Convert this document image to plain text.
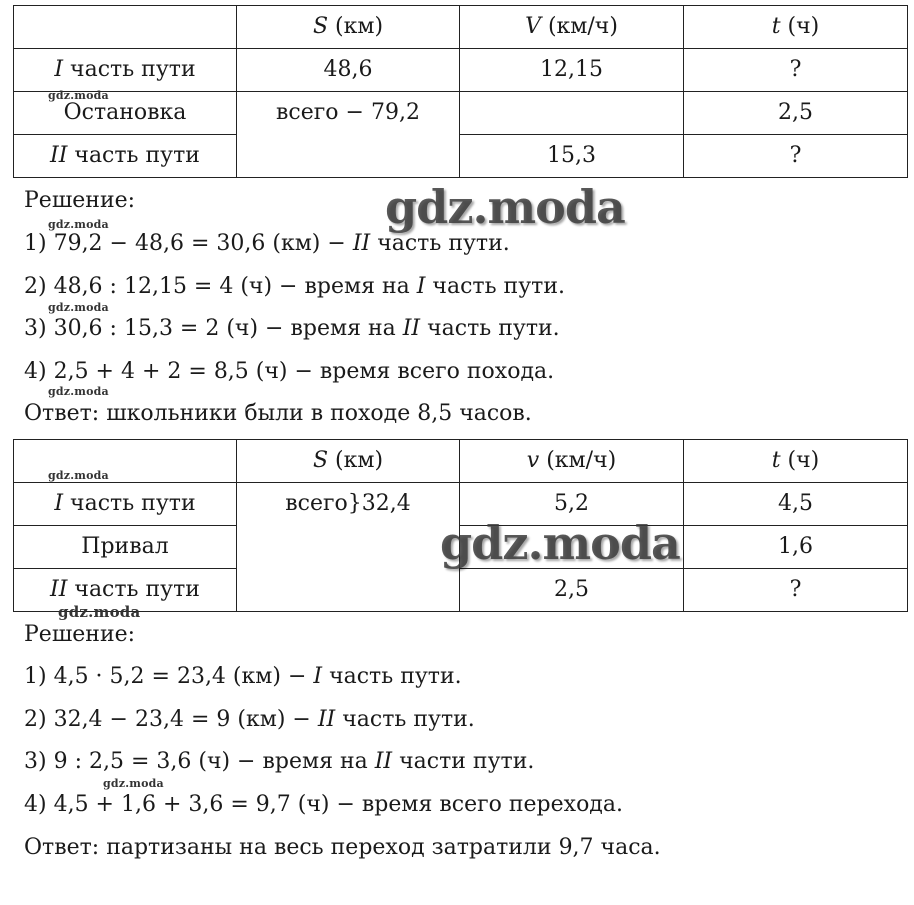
	S (км)	V (км/ч)	t (ч)
I часть пути	48,6	12,15	?
Остановка	всего − 79,2		2,5
II часть пути		15,3	?
Решение:
1) 79,2 − 48,6 = 30,6 (км) − II часть пути.
2) 48,6 : 12,15 = 4 (ч) − время на I часть пути.
3) 30,6 : 15,3 = 2 (ч) − время на II часть пути.
4) 2,5 + 4 + 2 = 8,5 (ч) − время всего похода.
Ответ: школьники были в походе 8,5 часов.
	S (км)	v (км/ч)	t (ч)
I часть пути	всего}32,4	5,2	4,5
Привал			1,6
II часть пути		2,5	?
Решение:
1) 4,5 · 5,2 = 23,4 (км) − I часть пути.
2) 32,4 − 23,4 = 9 (км) − II часть пути.
3) 9 : 2,5 = 3,6 (ч) − время на II части пути.
4) 4,5 + 1,6 + 3,6 = 9,7 (ч) − время всего перехода.
Ответ: партизаны на весь переход затратили 9,7 часа.
gdz.moda
gdz.moda
gdz.moda
gdz.moda
gdz.moda
gdz.moda
gdz.moda
gdz.moda
gdz.moda
